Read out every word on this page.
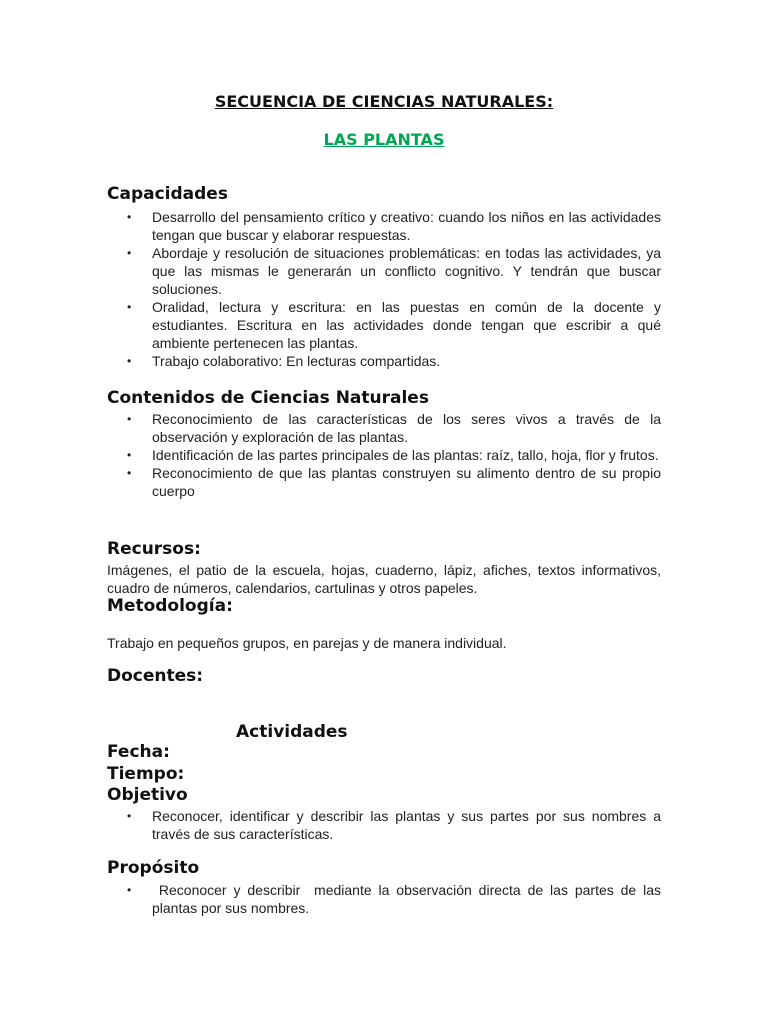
SECUENCIA DE CIENCIAS NATURALES:
LAS PLANTAS
Capacidades
• Desarrollo del pensamiento crítico y creativo: cuando los niños en las actividades tengan que buscar y elaborar respuestas.
• Abordaje y resolución de situaciones problemáticas: en todas las actividades, ya que las mismas le generarán un conflicto cognitivo. Y tendrán que buscar soluciones.
• Oralidad, lectura y escritura: en las puestas en común de la docente y estudiantes. Escritura en las actividades donde tengan que escribir a qué ambiente pertenecen las plantas.
• Trabajo colaborativo: En lecturas compartidas.
Contenidos de Ciencias Naturales
• Reconocimiento de las características de los seres vivos a través de la observación y exploración de las plantas.
• Identificación de las partes principales de las plantas: raíz, tallo, hoja, flor y frutos.
• Reconocimiento de que las plantas construyen su alimento dentro de su propio cuerpo
Recursos:

Imágenes, el patio de la escuela, hojas, cuaderno, lápiz, afiches, textos informativos, cuadro de números, calendarios, cartulinas y otros papeles.

Metodología:

Trabajo en pequeños grupos, en parejas y de manera individual.

Docentes:
Actividades
Fecha:
Tiempo:
Objetivo
• Reconocer, identificar y describir las plantas y sus partes por sus nombres a través de sus características.
Propósito
• Reconocer y describir  mediante la observación directa de las partes de las plantas por sus nombres.
